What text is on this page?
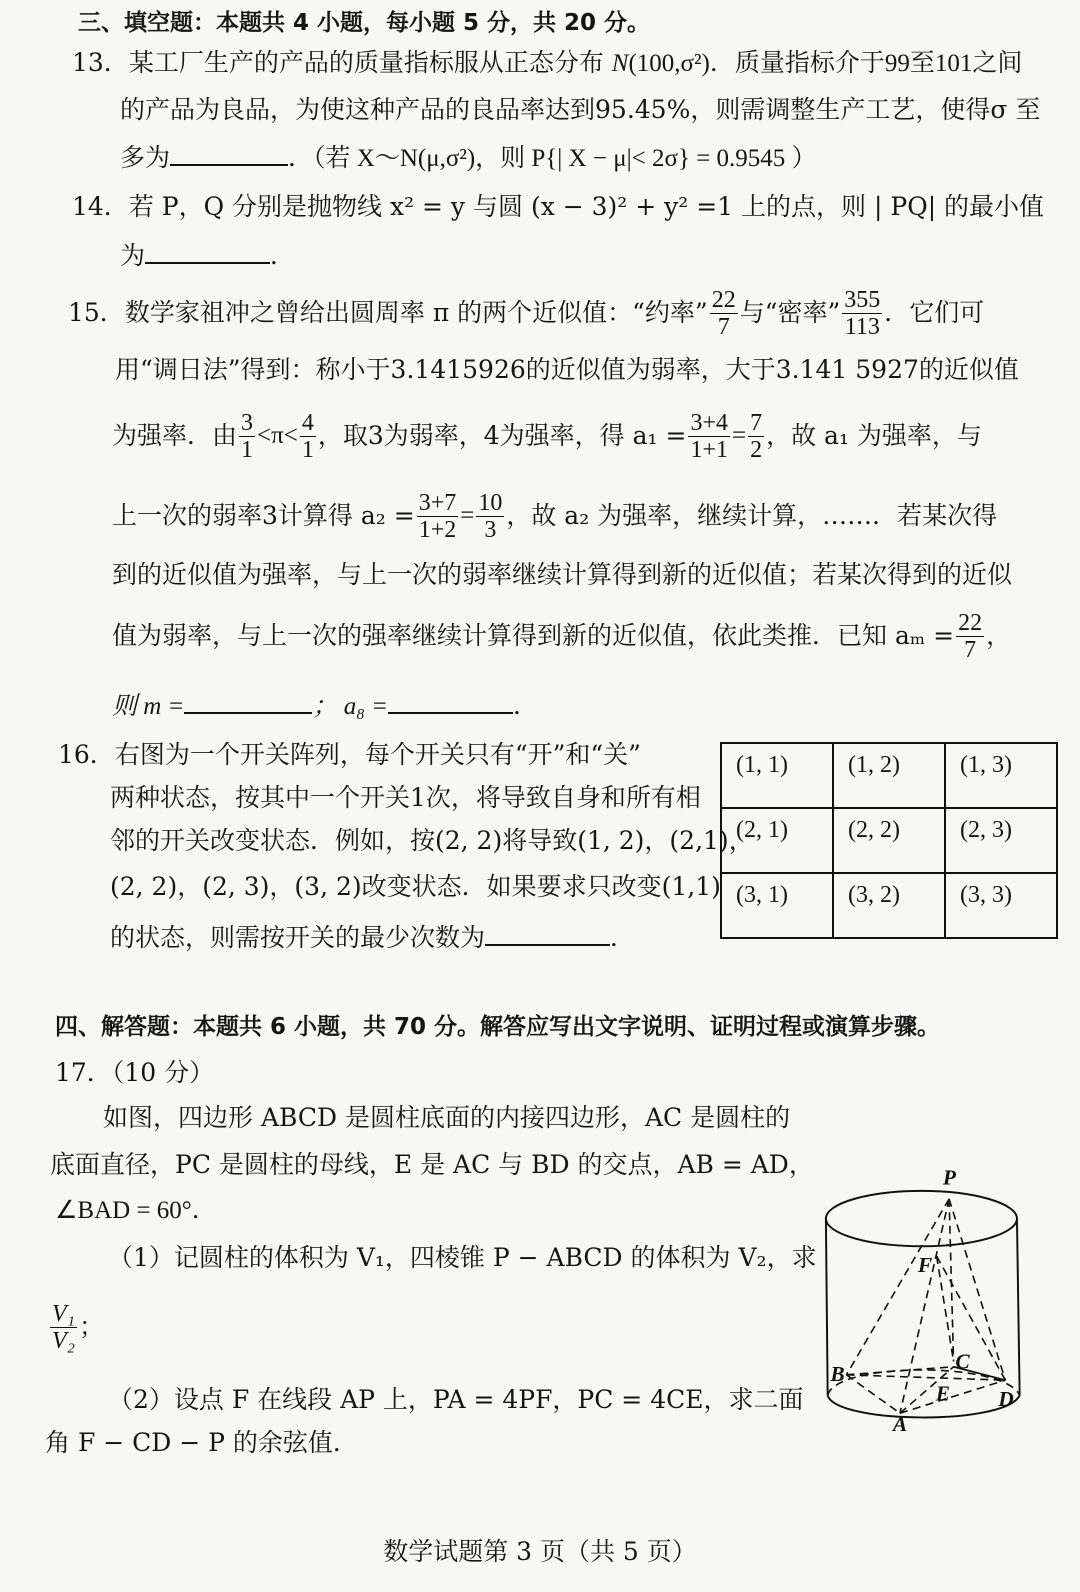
三、填空题：本题共 4 小题，每小题 5 分，共 20 分。
13．某工厂生产的产品的质量指标服从正态分布 N(100,σ²)．质量指标介于99至101之间
的产品为良品，为使这种产品的良品率达到95.45%，则需调整生产工艺，使得σ 至
多为	．（若 X～N(μ,σ²)，则 P{| X − μ|< 2σ} = 0.9545 ）
14．若 P，Q 分别是抛物线 x² = y 与圆 (x − 3)² + y² =1 上的点，则 | PQ| 的最小值
为	．
15． 数学家祖冲之曾给出圆周率 π 的两个近似值：“约率” $\frac{22}{7}$ 与“密率” $\frac{355}{113}$ ．它们可
用“调日法”得到：称小于3.1415926的近似值为弱率，大于3.141 5927的近似值
为强率．由 $\frac{3}{1} <\pi< \frac{4}{1}$ ，取3为弱率，4为强率，得 $a_1 = \frac{3+4}{1+1} = \frac{7}{2}$ ，故 a₁ 为强率，与
上一次的弱率3计算得 $a_2 = \frac{3+7}{1+2} = \frac{10}{3}$ ，故 a₂ 为强率，继续计算，……．若某次得
到的近似值为强率，与上一次的弱率继续计算得到新的近似值；若某次得到的近似
值为弱率，与上一次的强率继续计算得到新的近似值，依此类推．已知 $a_m = \frac{22}{7}$ ，
则 m =	； a₈ =	．
16．右图为一个开关阵列，每个开关只有“开”和“关”
两种状态，按其中一个开关1次，将导致自身和所有相
邻的开关改变状态．例如，按(2, 2)将导致(1, 2)，(2,1)，
(2, 2)，(2, 3)，(3, 2)改变状态．如果要求只改变(1,1)
的状态，则需按开关的最少次数为	．
(1, 1)	(1, 2)	(1, 3)
(2, 1)	(2, 2)	(2, 3)
(3, 1)	(3, 2)	(3, 3)
四、解答题：本题共 6 小题，共 70 分。解答应写出文字说明、证明过程或演算步骤。
17．（10 分）
如图，四边形 ABCD 是圆柱底面的内接四边形，AC 是圆柱的
底面直径，PC 是圆柱的母线，E 是 AC 与 BD 的交点，AB = AD，
∠BAD = 60°．
（1）记圆柱的体积为 V₁，四棱锥 P − ABCD 的体积为 V₂，求
$\frac{\text{V₁}}{\text{V₂}}$ ；
（2）设点 F 在线段 AP 上，PA = 4PF，PC = 4CE，求二面
角 F − CD − P 的余弦值．
P
F
C
B
E D
A
数学试题第 3 页（共 5 页）
